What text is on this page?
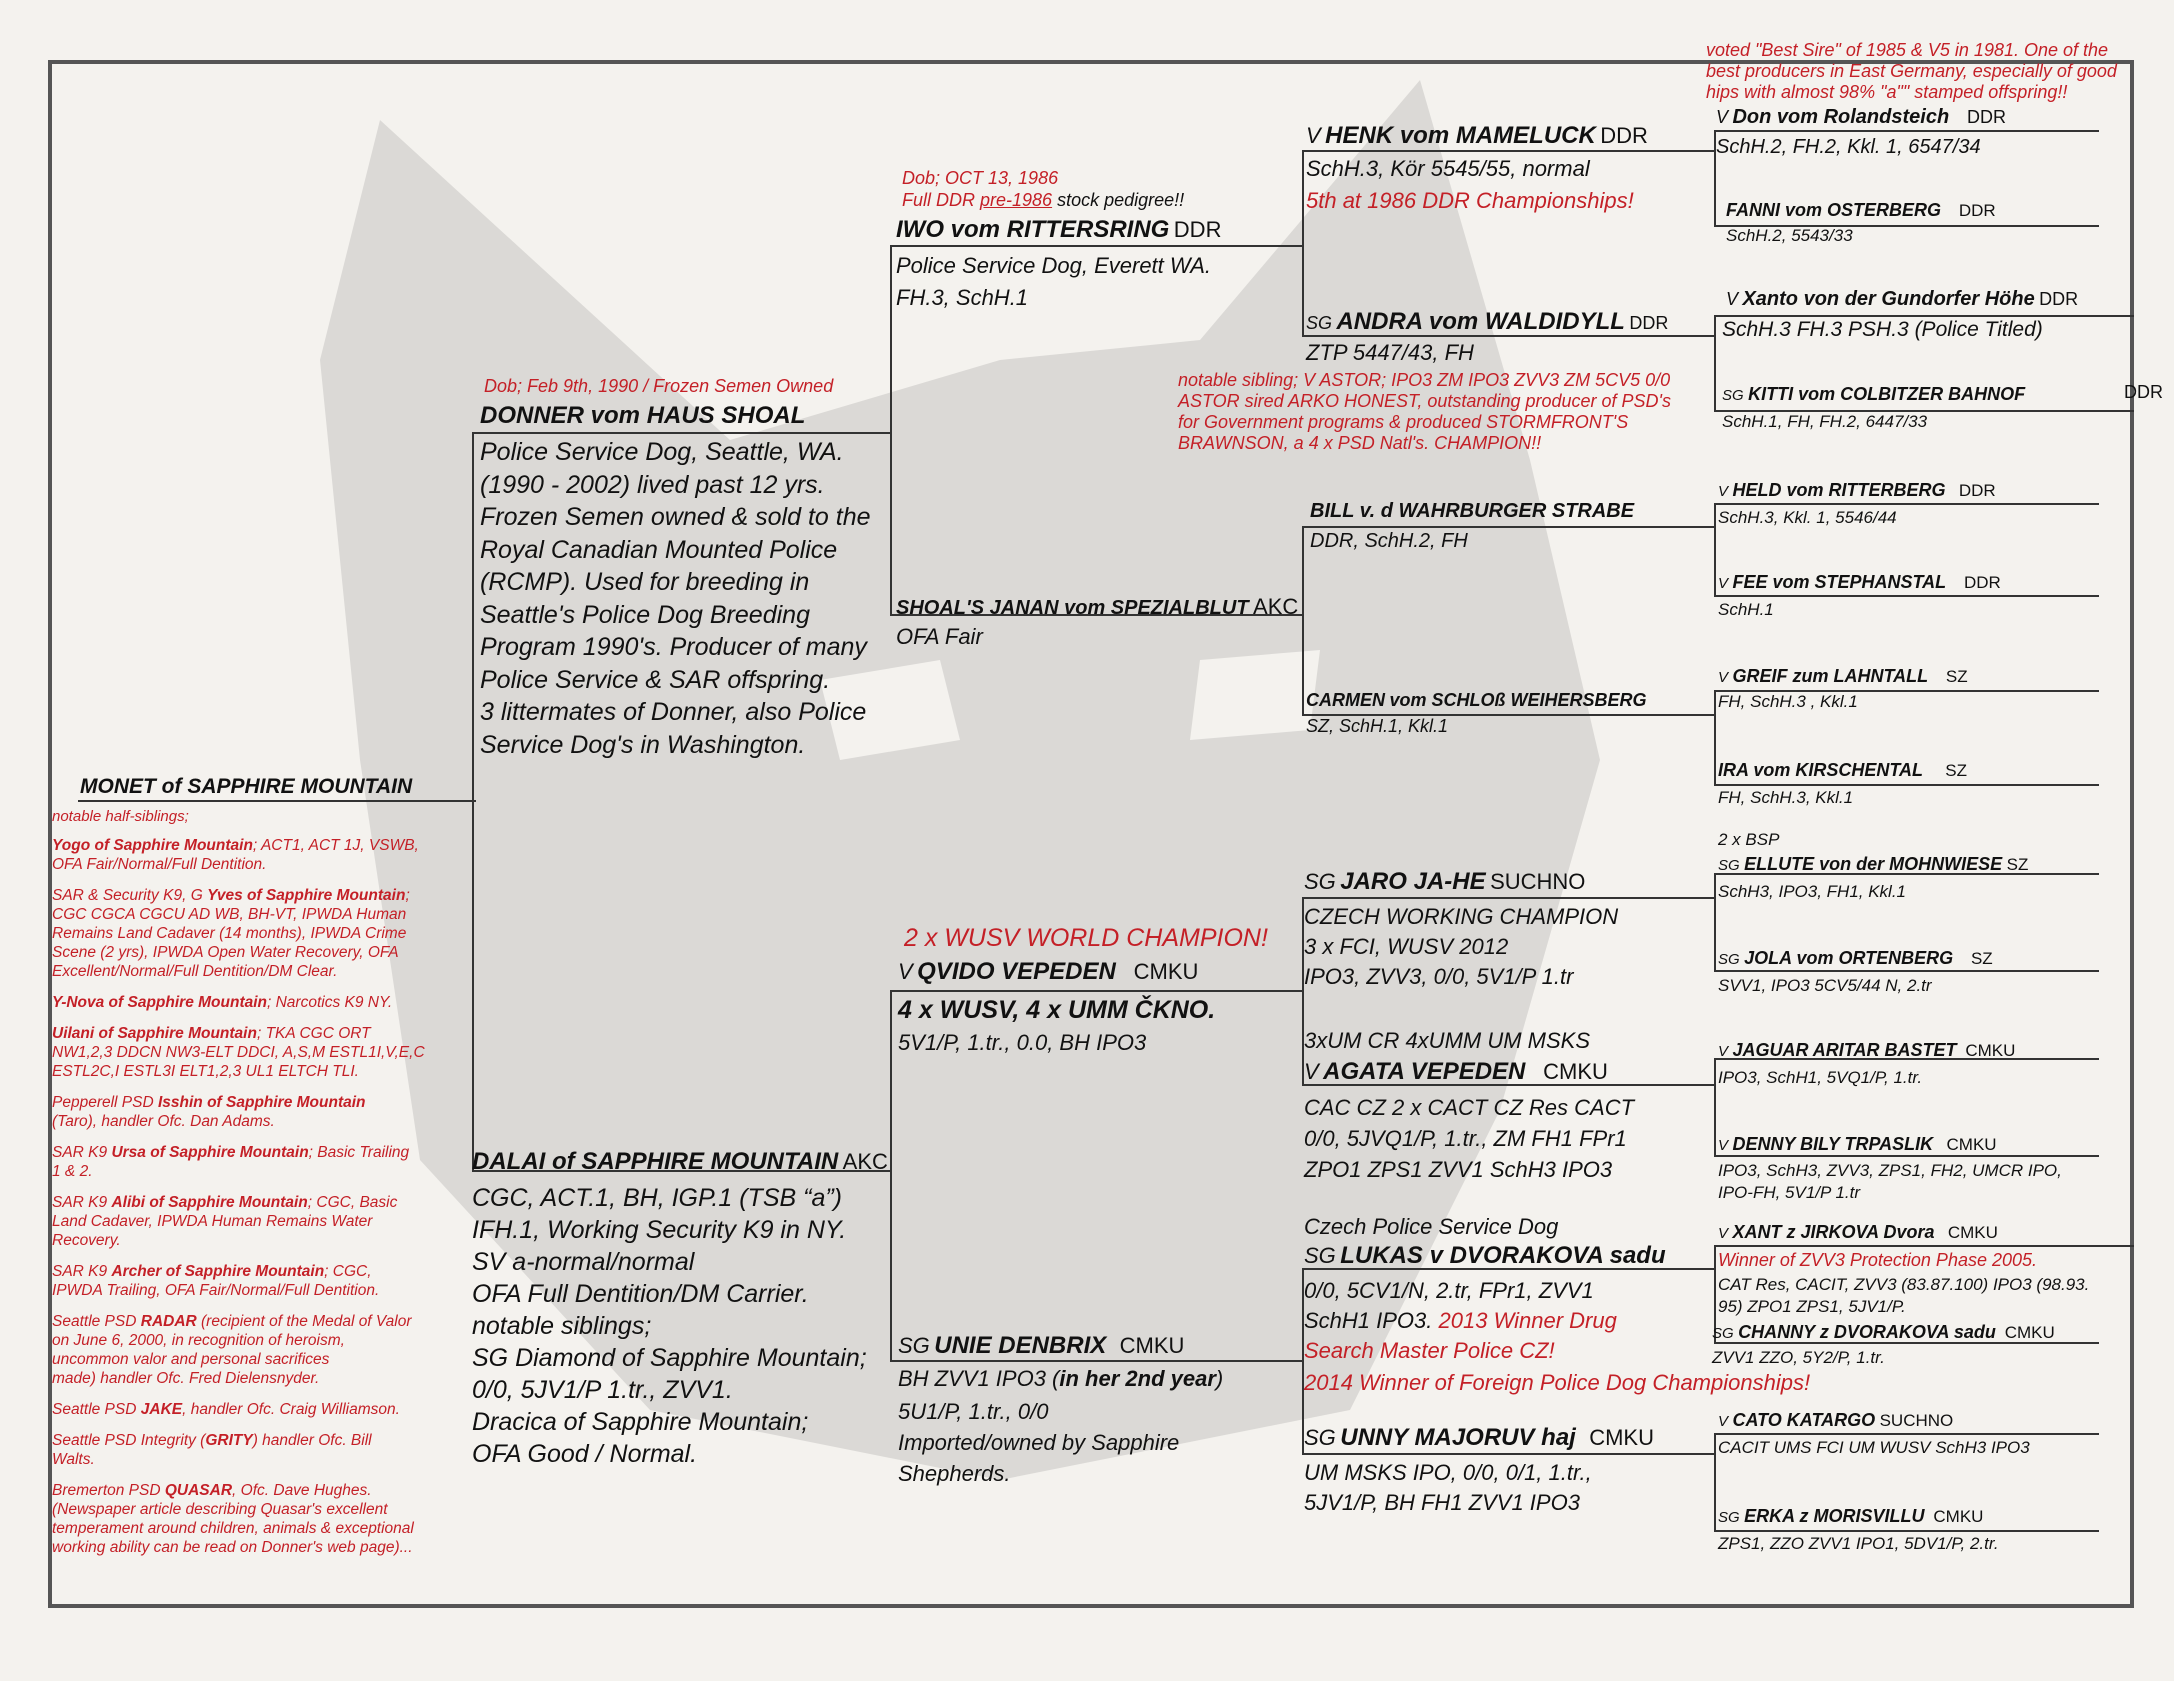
MONET of SAPPHIRE MOUNTAIN
notable half-siblings;
Yogo of Sapphire Mountain; ACT1, ACT 1J, VSWB,
OFA Fair/Normal/Full Dentition.
SAR & Security K9, G Yves of Sapphire Mountain;
CGC CGCA CGCU AD WB, BH-VT, IPWDA Human
Remains Land Cadaver (14 months), IPWDA Crime
Scene (2 yrs), IPWDA Open Water Recovery, OFA
Excellent/Normal/Full Dentition/DM Clear.
Y-Nova of Sapphire Mountain; Narcotics K9 NY.
Uilani of Sapphire Mountain; TKA CGC ORT
NW1,2,3 DDCN NW3-ELT DDCI, A,S,M ESTL1I,V,E,C
ESTL2C,I ESTL3I ELT1,2,3 UL1 ELTCH TLI.
Pepperell PSD Isshin of Sapphire Mountain
(Taro), handler Ofc. Dan Adams.
SAR K9 Ursa of Sapphire Mountain; Basic Trailing
1 & 2.
SAR K9 Alibi of Sapphire Mountain; CGC, Basic
Land Cadaver, IPWDA Human Remains Water
Recovery.
SAR K9 Archer of Sapphire Mountain; CGC,
IPWDA Trailing, OFA Fair/Normal/Full Dentition.
Seattle PSD RADAR (recipient of the Medal of Valor
on June 6, 2000, in recognition of heroism,
uncommon valor and personal sacrifices
made) handler Ofc. Fred Dielensnyder.
Seattle PSD JAKE, handler Ofc. Craig Williamson.
Seattle PSD Integrity (GRITY) handler Ofc. Bill
Walts.
Bremerton PSD QUASAR, Ofc. Dave Hughes.
(Newspaper article describing Quasar's excellent
temperament around children, animals & exceptional
working ability can be read on Donner's web page)...
Dob; Feb 9th, 1990 / Frozen Semen Owned
DONNER vom HAUS SHOAL
Police Service Dog, Seattle, WA.
(1990 - 2002) lived past 12 yrs.
Frozen Semen owned & sold to the
Royal Canadian Mounted Police
(RCMP). Used for breeding in
Seattle's Police Dog Breeding
Program 1990's. Producer of many
Police Service & SAR offspring.
3 littermates of Donner, also Police
Service Dog's in Washington.
DALAI of SAPPHIRE MOUNTAIN AKC
CGC, ACT.1, BH, IGP.1 (TSB “a”)
IFH.1, Working Security K9 in NY.
SV a-normal/normal
OFA Full Dentition/DM Carrier.
notable siblings;
SG Diamond of Sapphire Mountain;
0/0, 5JV1/P 1.tr., ZVV1.
Dracica of Sapphire Mountain;
OFA Good / Normal.
Dob; OCT 13, 1986
Full DDR pre-1986 stock pedigree!!
IWO vom RITTERSRING DDR
Police Service Dog, Everett WA.
FH.3, SchH.1
SHOAL'S JANAN vom SPEZIALBLUT AKC
OFA Fair
2 x WUSV WORLD CHAMPION!
V QVIDO VEPEDEN CMKU
4 x WUSV, 4 x UMM ČKNO.
5V1/P, 1.tr., 0.0, BH IPO3
SG UNIE DENBRIX CMKU
BH ZVV1 IPO3 (in her 2nd year)
5U1/P, 1.tr., 0/0
Imported/owned by Sapphire
Shepherds.
V HENK vom MAMELUCK DDR
SchH.3, Kör 5545/55, normal
5th at 1986 DDR Championships!
SG ANDRA vom WALDIDYLL DDR
ZTP 5447/43, FH
notable sibling; V ASTOR; IPO3 ZM IPO3 ZVV3 ZM 5CV5 0/0
ASTOR sired ARKO HONEST, outstanding producer of PSD's
for Government programs & produced STORMFRONT'S
BRAWNSON, a 4 x PSD Natl's. CHAMPION!!
BILL v. d WAHRBURGER STRABE
DDR, SchH.2, FH
CARMEN vom SCHLOß WEIHERSBERG
SZ, SchH.1, Kkl.1
SG JARO JA-HE SUCHNO
CZECH WORKING CHAMPION
3 x FCI, WUSV 2012
IPO3, ZVV3, 0/0, 5V1/P 1.tr
3xUM CR 4xUMM UM MSKS
V AGATA VEPEDEN CMKU
CAC CZ 2 x CACT CZ Res CACT
0/0, 5JVQ1/P, 1.tr., ZM FH1 FPr1
ZPO1 ZPS1 ZVV1 SchH3 IPO3
Czech Police Service Dog
SG LUKAS v DVORAKOVA sadu
0/0, 5CV1/N, 2.tr, FPr1, ZVV1
SchH1 IPO3. 2013 Winner Drug
Search Master Police CZ!
2014 Winner of Foreign Police Dog Championships!
SG UNNY MAJORUV haj CMKU
UM MSKS IPO, 0/0, 0/1, 1.tr.,
5JV1/P, BH FH1 ZVV1 IPO3
voted "Best Sire" of 1985 & V5 in 1981. One of the
best producers in East Germany, especially of good
hips with almost 98% "a"" stamped offspring!!
V Don vom Rolandsteich DDR
SchH.2, FH.2, Kkl. 1, 6547/34
FANNI vom OSTERBERG DDR
SchH.2, 5543/33
V Xanto von der Gundorfer Höhe DDR
SchH.3 FH.3 PSH.3 (Police Titled)
SG KITTI vom COLBITZER BAHNOF	DDR
SchH.1, FH, FH.2, 6447/33
V HELD vom RITTERBERG DDR
SchH.3, Kkl. 1, 5546/44
V FEE vom STEPHANSTAL DDR
SchH.1
V GREIF zum LAHNTALL SZ
FH, SchH.3 , Kkl.1
IRA vom KIRSCHENTAL SZ
FH, SchH.3, Kkl.1
2 x BSP
SG ELLUTE von der MOHNWIESE SZ
SchH3, IPO3, FH1, Kkl.1
SG JOLA vom ORTENBERG SZ
SVV1, IPO3 5CV5/44 N, 2.tr
V JAGUAR ARITAR BASTET CMKU
IPO3, SchH1, 5VQ1/P, 1.tr.
V DENNY BILY TRPASLIK CMKU
IPO3, SchH3, ZVV3, ZPS1, FH2, UMCR IPO,
IPO-FH, 5V1/P 1.tr
V XANT z JIRKOVA Dvora CMKU
Winner of ZVV3 Protection Phase 2005.
CAT Res, CACIT, ZVV3 (83.87.100) IPO3 (98.93.
95) ZPO1 ZPS1, 5JV1/P.
SG CHANNY z DVORAKOVA sadu CMKU
ZVV1 ZZO, 5Y2/P, 1.tr.
V CATO KATARGO SUCHNO
CACIT UMS FCI UM WUSV SchH3 IPO3
SG ERKA z MORISVILLU CMKU
ZPS1, ZZO ZVV1 IPO1, 5DV1/P, 2.tr.
